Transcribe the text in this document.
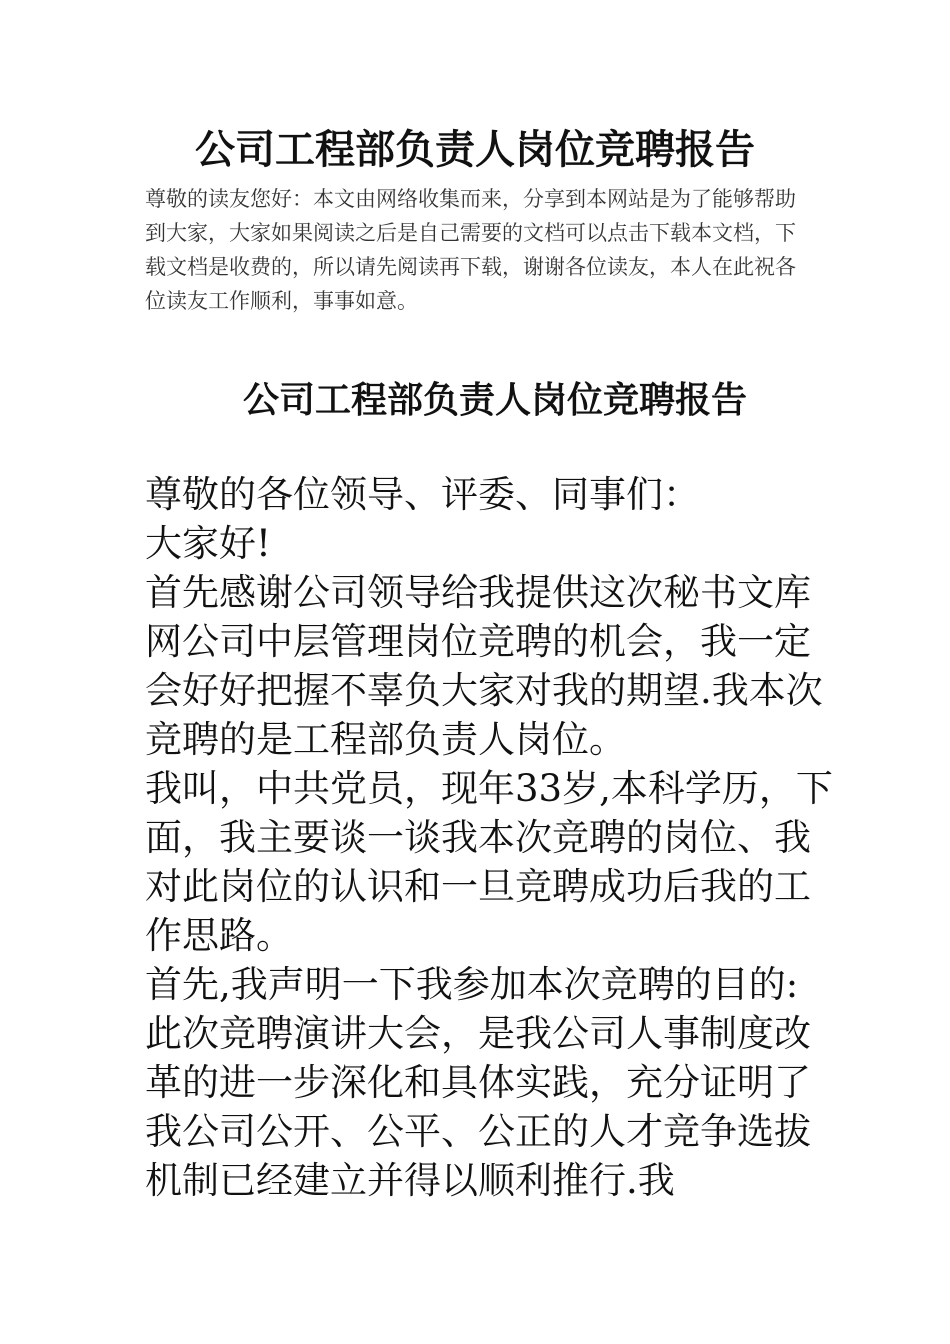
公司工程部负责人岗位竞聘报告

尊敬的读友您好：本文由网络收集而来，分享到本网站是为了能够帮助到大家，大家如果阅读之后是自己需要的文档可以点击下载本文档，下载文档是收费的，所以请先阅读再下载，谢谢各位读友，本人在此祝各位读友工作顺利，事事如意。

公司工程部负责人岗位竞聘报告

尊敬的各位领导、评委、同事们：

大家好!

首先感谢公司领导给我提供这次秘书文库网公司中层管理岗位竞聘的机会，我一定会好好把握不辜负大家对我的期望.我本次竞聘的是工程部负责人岗位。

我叫，中共党员，现年33岁,本科学历，下面，我主要谈一谈我本次竞聘的岗位、我对此岗位的认识和一旦竞聘成功后我的工作思路。

首先,我声明一下我参加本次竞聘的目的:此次竞聘演讲大会，是我公司人事制度改革的进一步深化和具体实践，充分证明了我公司公开、公平、公正的人才竞争选拔机制已经建立并得以顺利推行.我
